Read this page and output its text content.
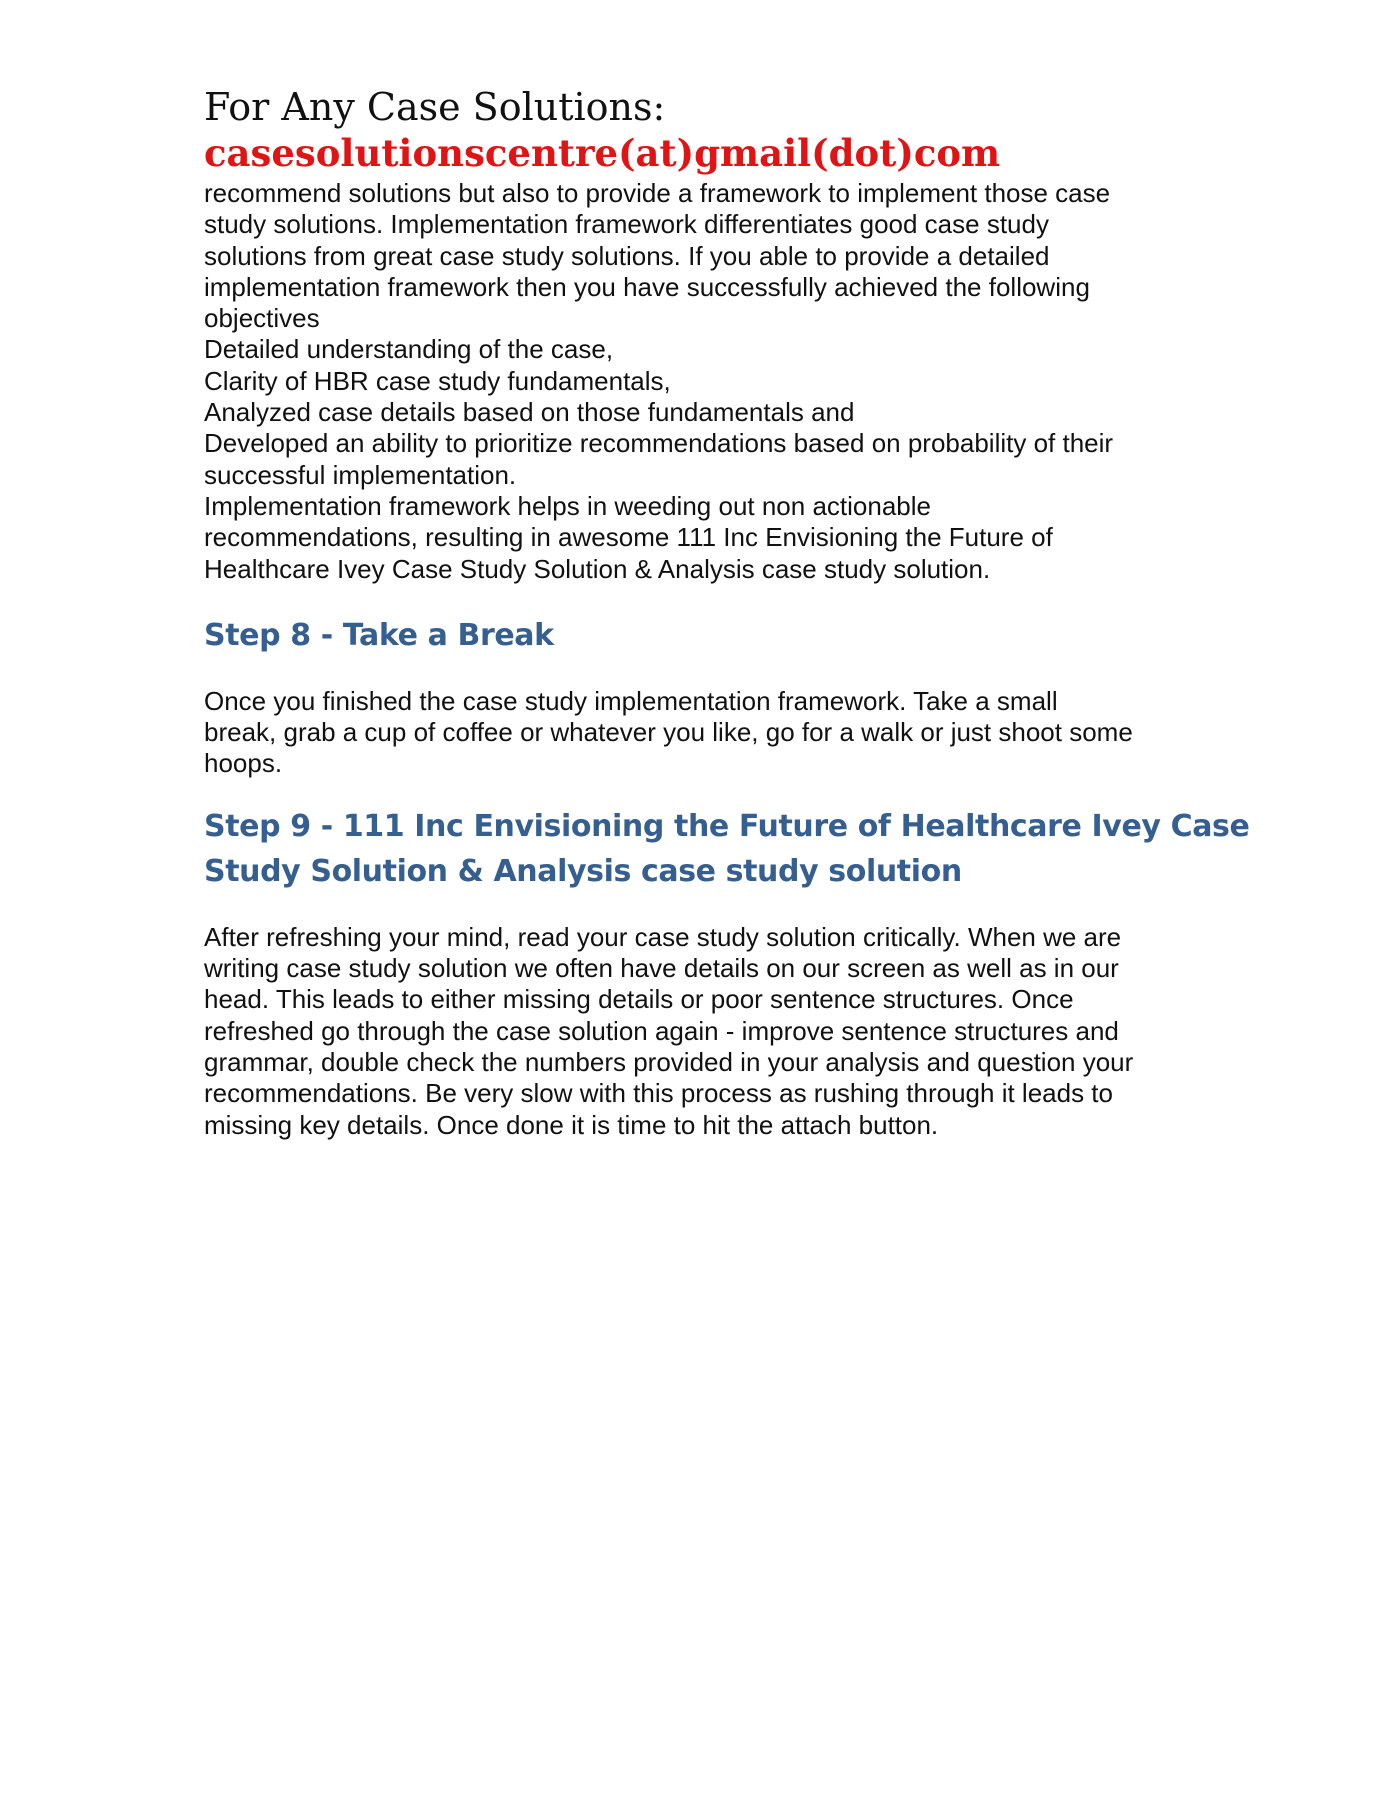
For Any Case Solutions:

casesolutionscentre(at)gmail(dot)com

recommend solutions but also to provide a framework to implement those case
study solutions. Implementation framework differentiates good case study
solutions from great case study solutions. If you able to provide a detailed
implementation framework then you have successfully achieved the following
objectives
Detailed understanding of the case,
Clarity of HBR case study fundamentals,
Analyzed case details based on those fundamentals and
Developed an ability to prioritize recommendations based on probability of their
successful implementation.
Implementation framework helps in weeding out non actionable
recommendations, resulting in awesome 111 Inc Envisioning the Future of
Healthcare Ivey Case Study Solution & Analysis case study solution.

Step 8 - Take a Break

Once you finished the case study implementation framework. Take a small
break, grab a cup of coffee or whatever you like, go for a walk or just shoot some
hoops.

Step 9 - 111 Inc Envisioning the Future of Healthcare Ivey Case
Study Solution & Analysis case study solution

After refreshing your mind, read your case study solution critically. When we are
writing case study solution we often have details on our screen as well as in our
head. This leads to either missing details or poor sentence structures. Once
refreshed go through the case solution again - improve sentence structures and
grammar, double check the numbers provided in your analysis and question your
recommendations. Be very slow with this process as rushing through it leads to
missing key details. Once done it is time to hit the attach button.
